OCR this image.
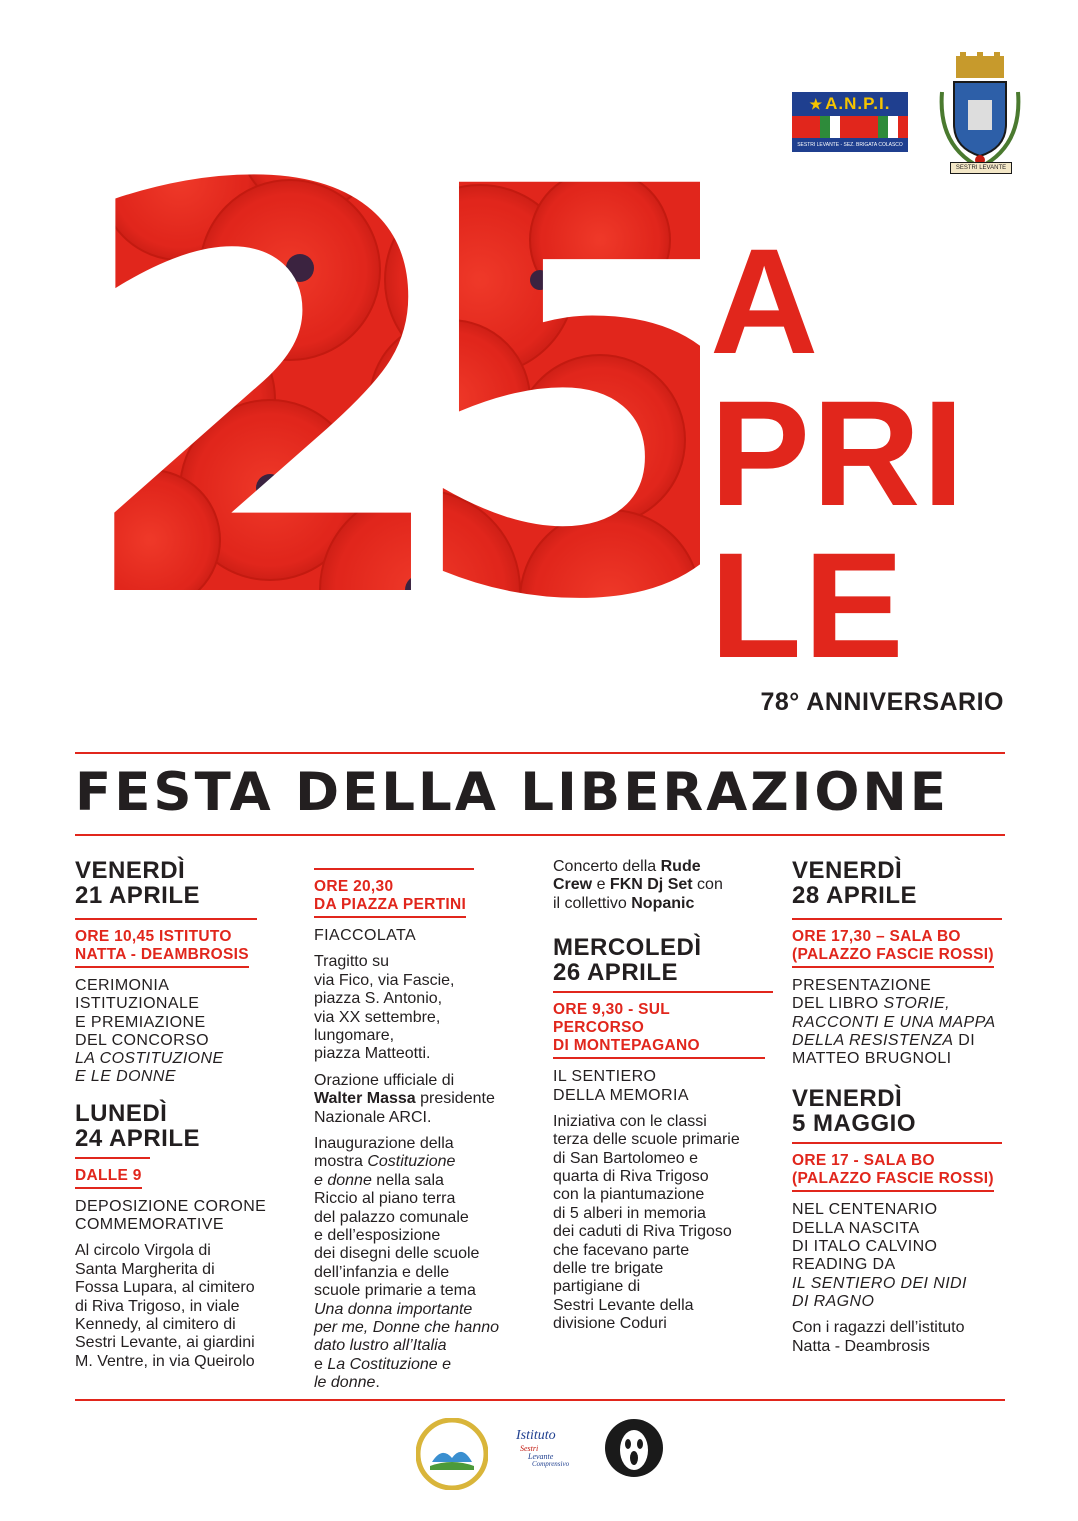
A
PRI
LE
78° ANNIVERSARIO
★ A.N.P.I.
SESTRI LEVANTE - SEZ. BRIGATA COLASCO
SESTRI LEVANTE
FESTA DELLA LIBERAZIONE
VENERDÌ
21 APRILE
ORE 10,45 ISTITUTO
NATTA - DEAMBROSIS
CERIMONIA
ISTITUZIONALE
E PREMIAZIONE
DEL CONCORSO
LA COSTITUZIONE
E LE DONNE
LUNEDÌ
24 APRILE
DALLE 9
DEPOSIZIONE CORONE
COMMEMORATIVE
Al circolo Virgola di
Santa Margherita di
Fossa Lupara, al cimitero
di Riva Trigoso, in viale
Kennedy, al cimitero di
Sestri Levante, ai giardini
M. Ventre, in via Queirolo
ORE 20,30
DA PIAZZA PERTINI
FIACCOLATA
Tragitto su
via Fico, via Fascie,
piazza S. Antonio,
via XX settembre,
lungomare,
piazza Matteotti.
Orazione ufficiale di
Walter Massa presidente
Nazionale ARCI.
Inaugurazione della
mostra Costituzione
e donne nella sala
Riccio al piano terra
del palazzo comunale
e dell’esposizione
dei disegni delle scuole
dell’infanzia e delle
scuole primarie a tema
Una donna importante
per me, Donne che hanno
dato lustro all’Italia
e La Costituzione e
le donne.
Concerto della Rude
Crew e FKN Dj Set con
il collettivo Nopanic
MERCOLEDÌ
26 APRILE
ORE 9,30 - SUL PERCORSO
DI MONTEPAGANO
IL SENTIERO
DELLA MEMORIA
Iniziativa con le classi
terza delle scuole primarie
di San Bartolomeo e
quarta di Riva Trigoso
con la piantumazione
di 5 alberi in memoria
dei caduti di Riva Trigoso
che facevano parte
delle tre brigate
partigiane di
Sestri Levante della
divisione Coduri
VENERDÌ
28 APRILE
ORE 17,30 – SALA BO
(PALAZZO FASCIE ROSSI)
PRESENTAZIONE
DEL LIBRO STORIE,
RACCONTI E UNA MAPPA
DELLA RESISTENZA DI
MATTEO BRUGNOLI
VENERDÌ
5 MAGGIO
ORE 17 - SALA BO
(PALAZZO FASCIE ROSSI)
NEL CENTENARIO
DELLA NASCITA
DI ITALO CALVINO
READING DA
IL SENTIERO DEI NIDI
DI RAGNO
Con i ragazzi dell’istituto
Natta - Deambrosis
Istituto
Sestri
Levante
Comprensivo
